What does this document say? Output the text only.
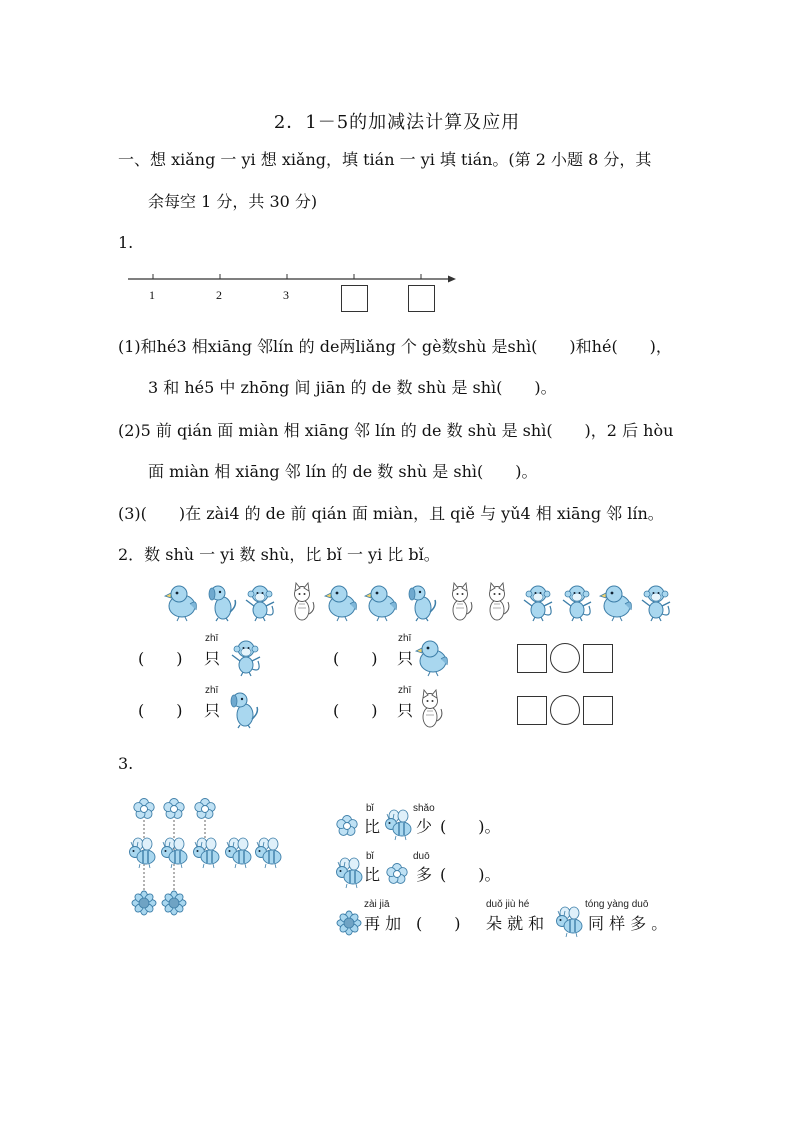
2．1－5的加减法计算及应用
一、想 xiǎng 一 yi 想 xiǎng，填 tián 一 yi 填 tián。(第 2 小题 8 分，其
余每空 1 分，共 30 分)
1.
1	2	3
(1)和hé3 相xiāng 邻lín 的 de两liǎng 个 gè数shù 是shì(　　)和hé(　　)，
3 和 hé5 中 zhōng 间 jiān 的 de 数 shù 是 shì(　　)。
(2)5 前 qián 面 miàn 相 xiāng 邻 lín 的 de 数 shù 是 shì(　　)，2 后 hòu
面 miàn 相 xiāng 邻 lín 的 de 数 shù 是 shì(　　)。
(3)(　　)在 zài4 的 de 前 qián 面 miàn，且 qiě 与 yǔ4 相 xiāng 邻 lín。
2．数 shù 一 yi 数 shù，比 bǐ 一 yi 比 bǐ。
(　　)
zhī
只	(　　)
zhī
只
(　　)
zhī
只	(　　)
zhī
只
3.
bǐ	shǎo
比 少 (　　)。
bǐ	duō
比 多 (　　)。
zài jiā	duǒ jiù hé	tóng yàng duō
再 加 (　　) 朵 就 和	同 样 多 。
